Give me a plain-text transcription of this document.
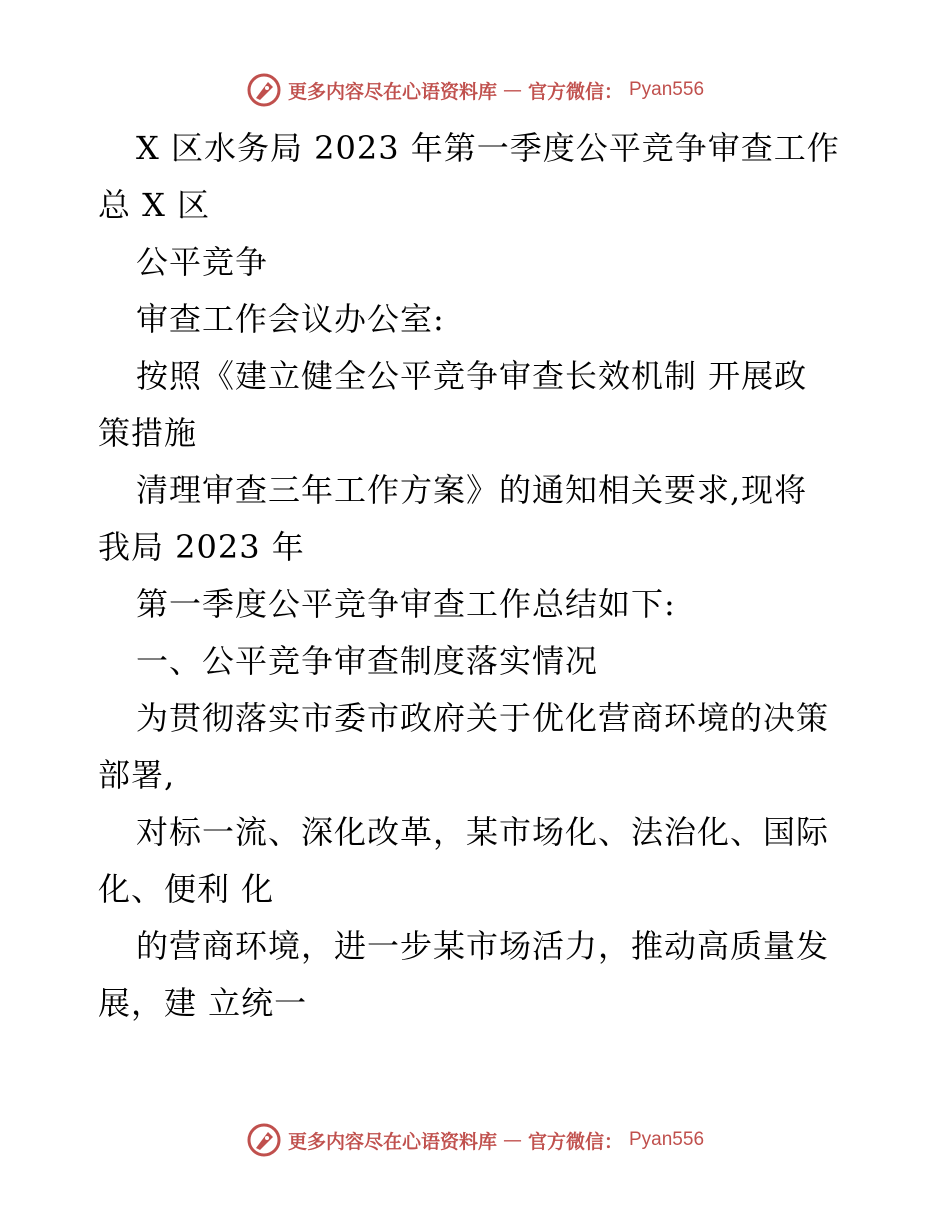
更多内容尽在心语资料库 — 官方微信： Pyan556
X 区水务局 2023 年第一季度公平竞争审查工作
总 X 区
公平竞争
审查工作会议办公室:
按照《建立健全公平竞争审查长效机制 开展政
策措施
清理审查三年工作方案》的通知相关要求,现将
我局 2023 年
第一季度公平竞争审查工作总结如下:
一、公平竞争审查制度落实情况
为贯彻落实市委市政府关于优化营商环境的决策
部署,
对标一流、深化改革，某市场化、法治化、国际
化、便利 化
的营商环境，进一步某市场活力，推动高质量发
展，建 立统一
更多内容尽在心语资料库 — 官方微信： Pyan556
